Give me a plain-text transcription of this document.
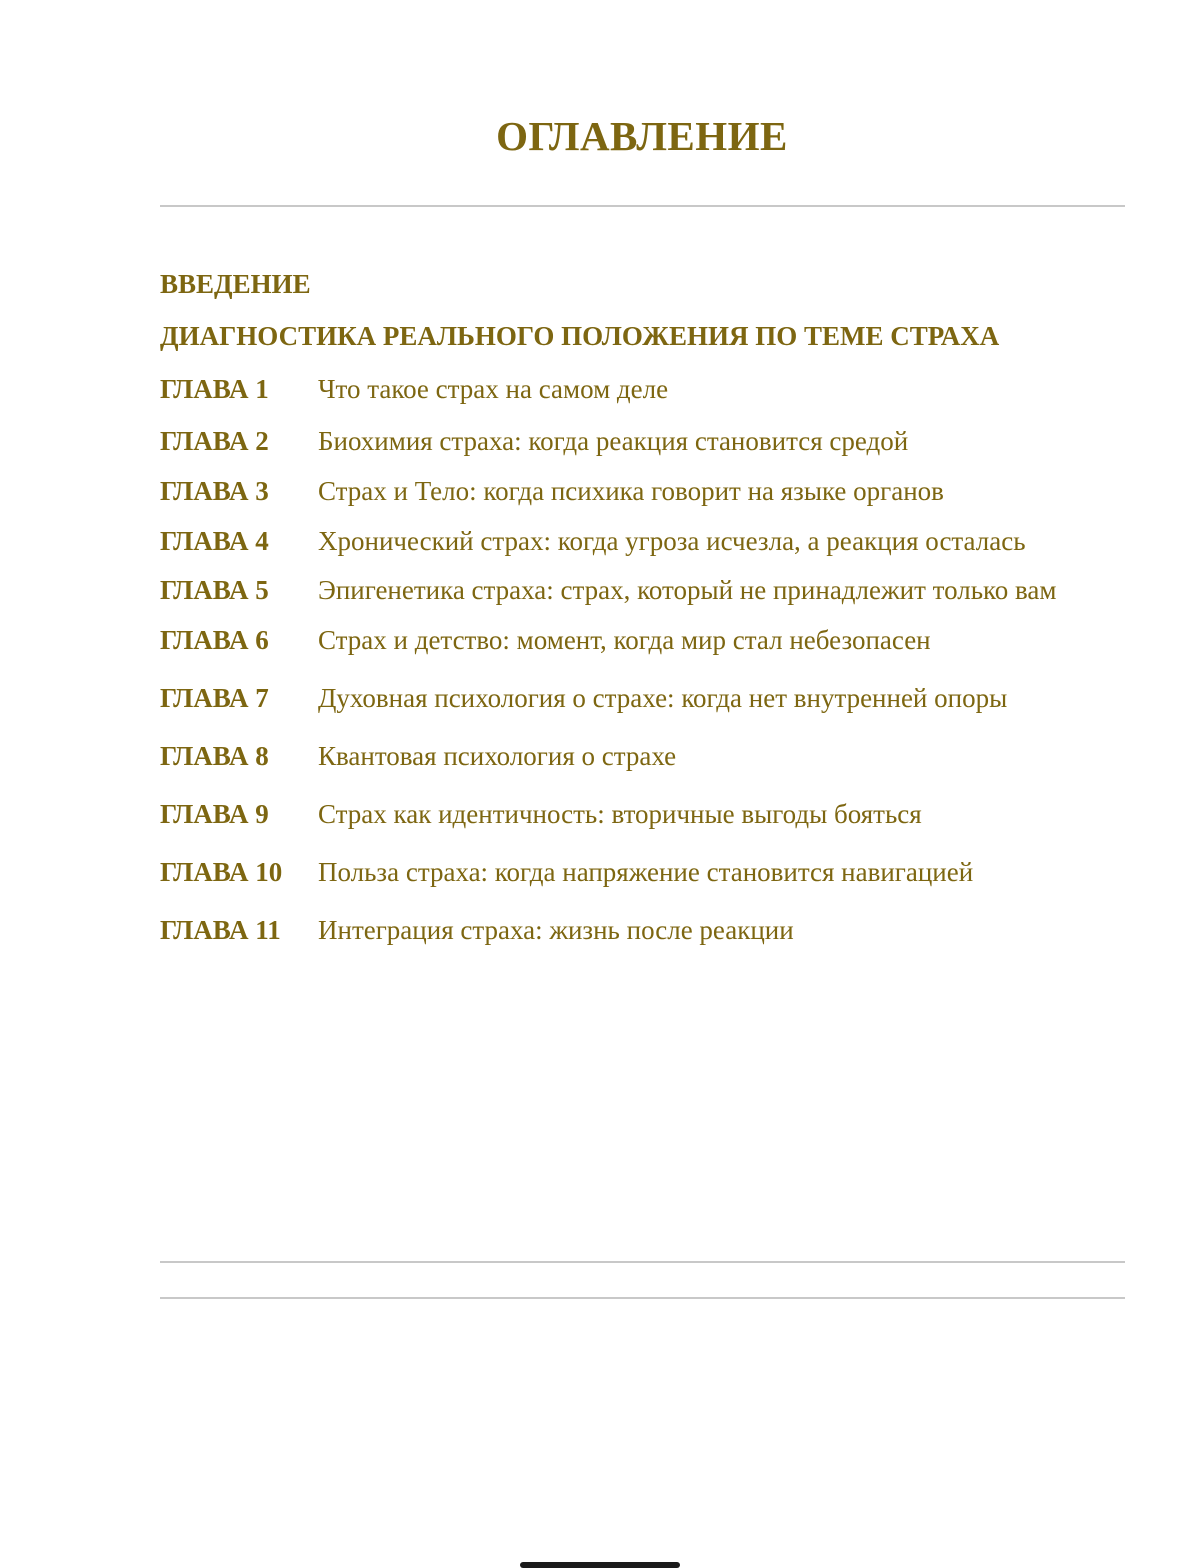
ОГЛАВЛЕНИЕ
ВВЕДЕНИЕ
ДИАГНОСТИКА РЕАЛЬНОГО ПОЛОЖЕНИЯ ПО ТЕМЕ СТРАХА
ГЛАВА 1 Что такое страх на самом деле
ГЛАВА 2 Биохимия страха: когда реакция становится средой
ГЛАВА 3 Страх и Тело: когда психика говорит на языке органов
ГЛАВА 4 Хронический страх: когда угроза исчезла, а реакция осталась
ГЛАВА 5 Эпигенетика страха: страх, который не принадлежит только вам
ГЛАВА 6 Страх и детство: момент, когда мир стал небезопасен
ГЛАВА 7 Духовная психология о страхе: когда нет внутренней опоры
ГЛАВА 8 Квантовая психология о страхе
ГЛАВА 9 Страх как идентичность: вторичные выгоды бояться
ГЛАВА 10 Польза страха: когда напряжение становится навигацией
ГЛАВА 11 Интеграция страха: жизнь после реакции
